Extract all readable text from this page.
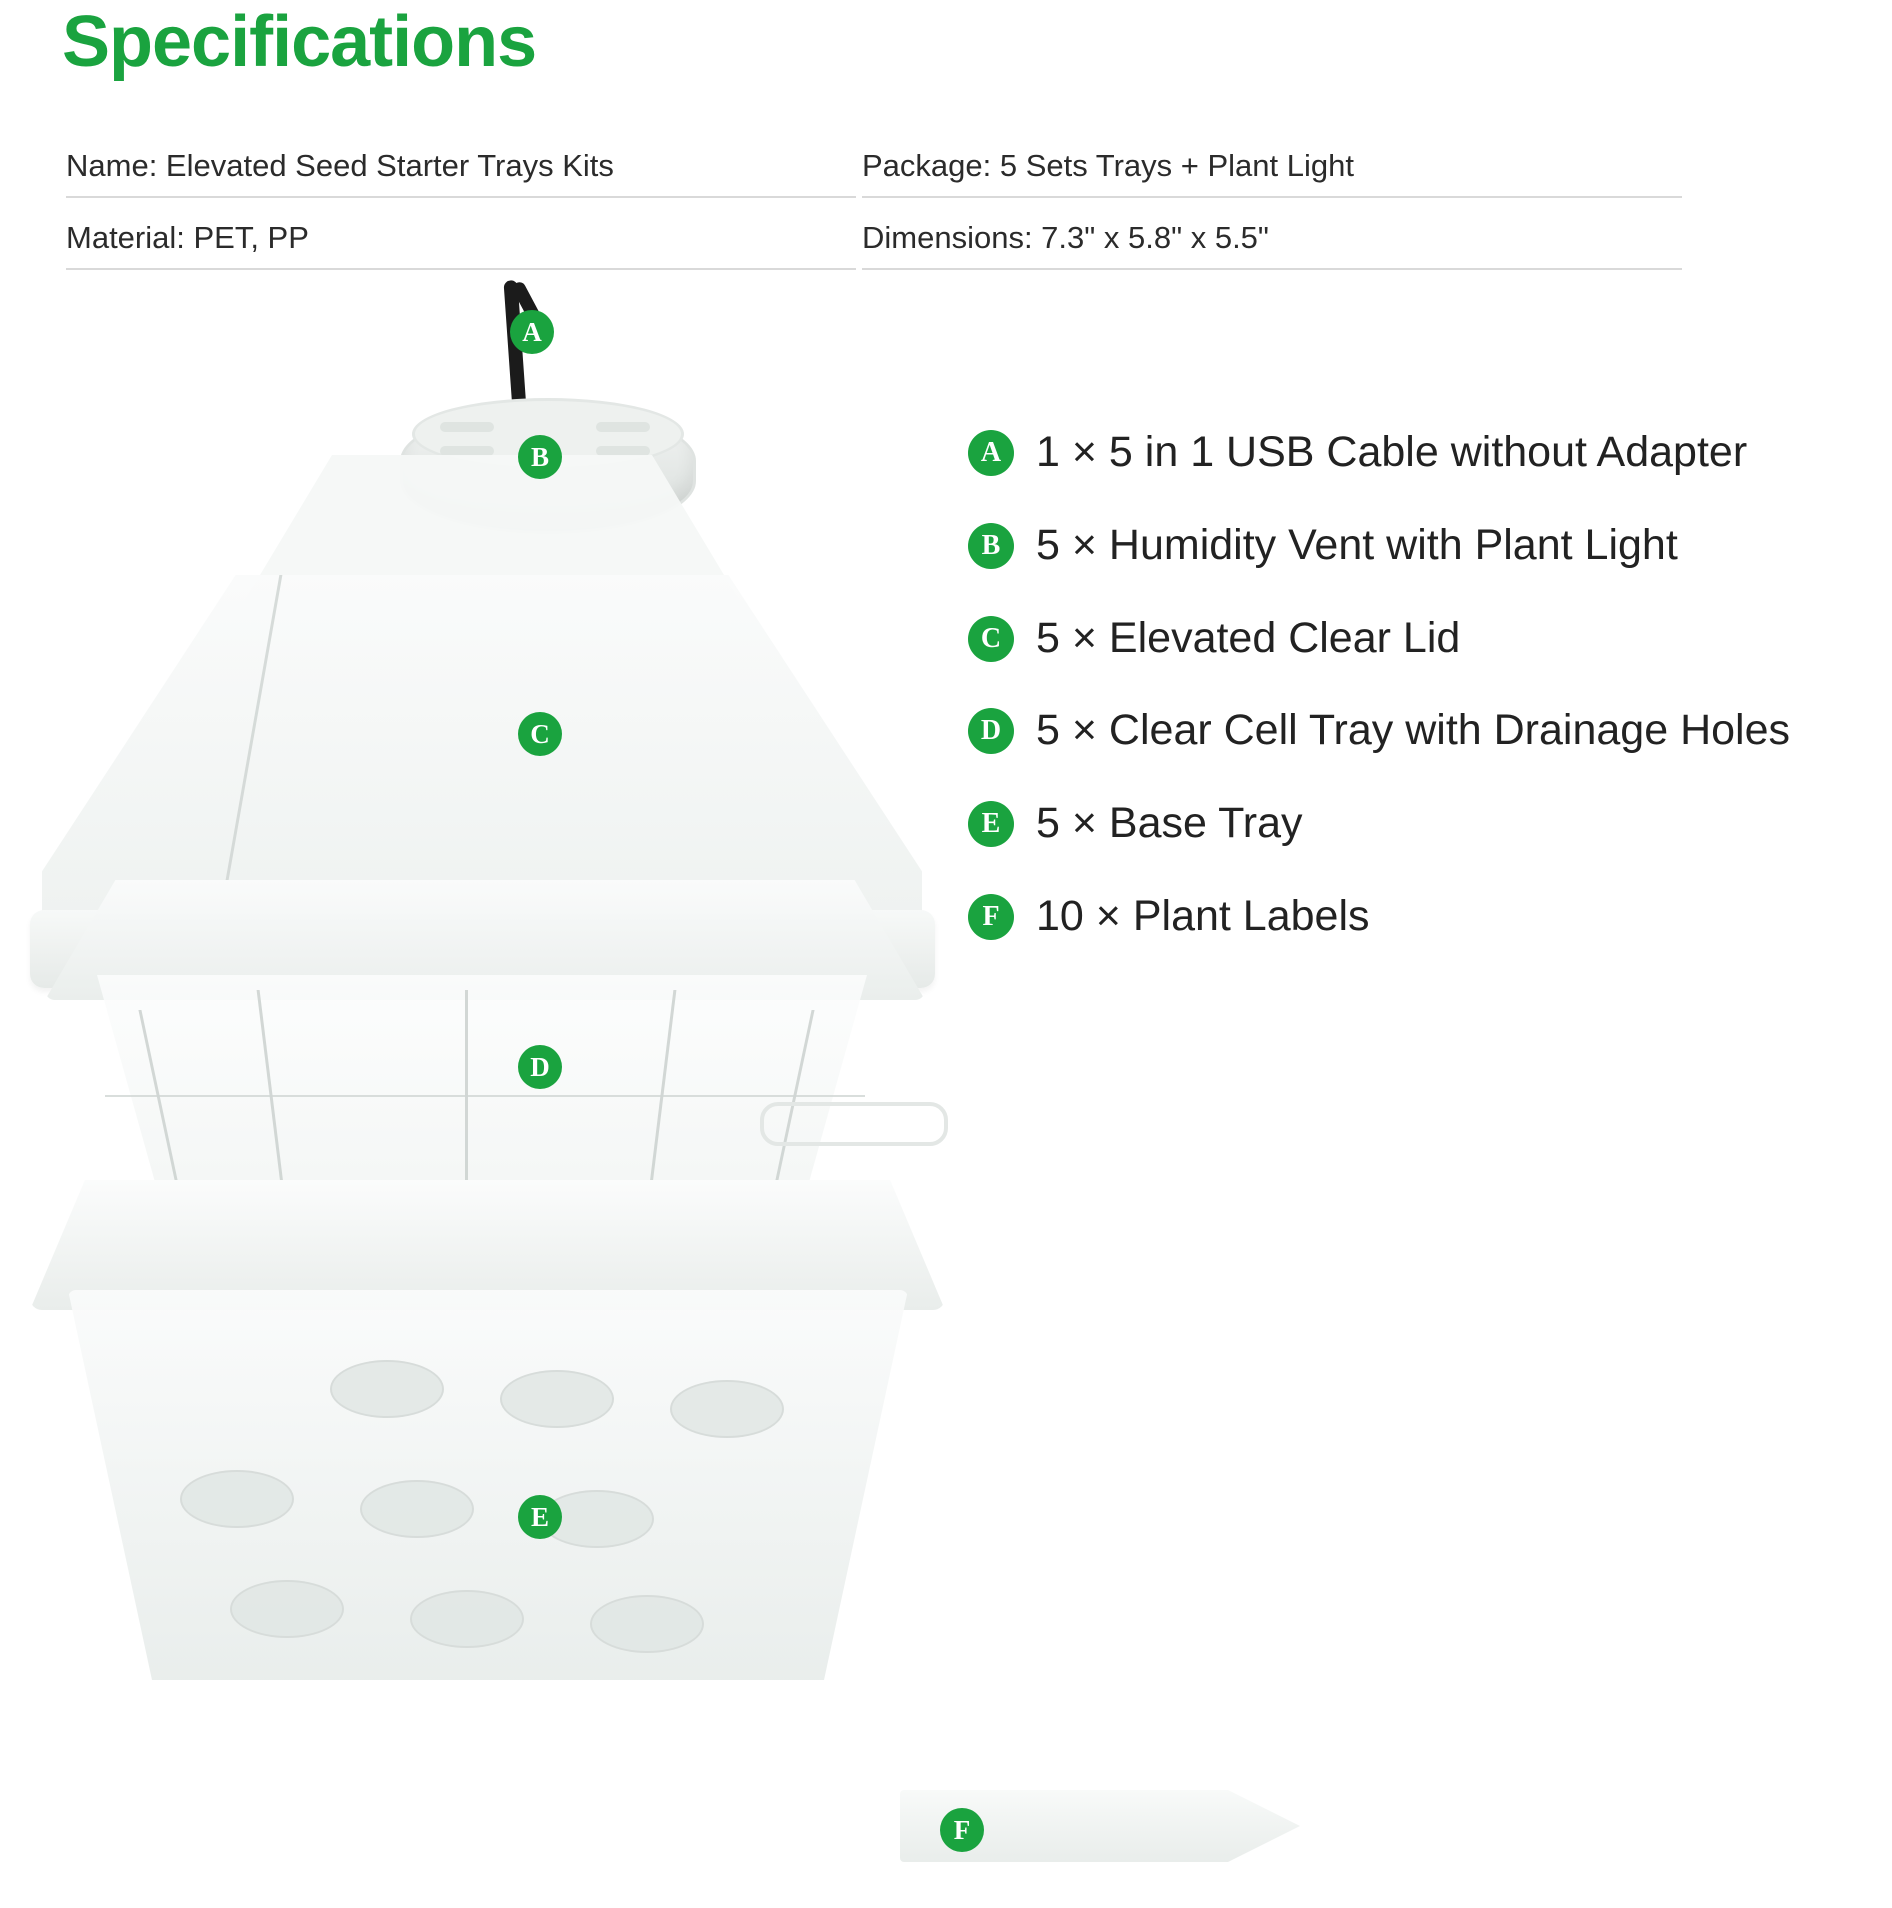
Specifications
Name: Elevated Seed Starter Trays Kits
Material: PET, PP
Package: 5 Sets Trays + Plant Light
Dimensions: 7.3" x 5.8" x 5.5"
A
B
C
D
E
F
A 1 × 5 in 1 USB Cable without Adapter
B 5 × Humidity Vent with Plant Light
C 5 × Elevated Clear Lid
D 5 × Clear Cell Tray with Drainage Holes
E 5 × Base Tray
F 10 × Plant Labels
